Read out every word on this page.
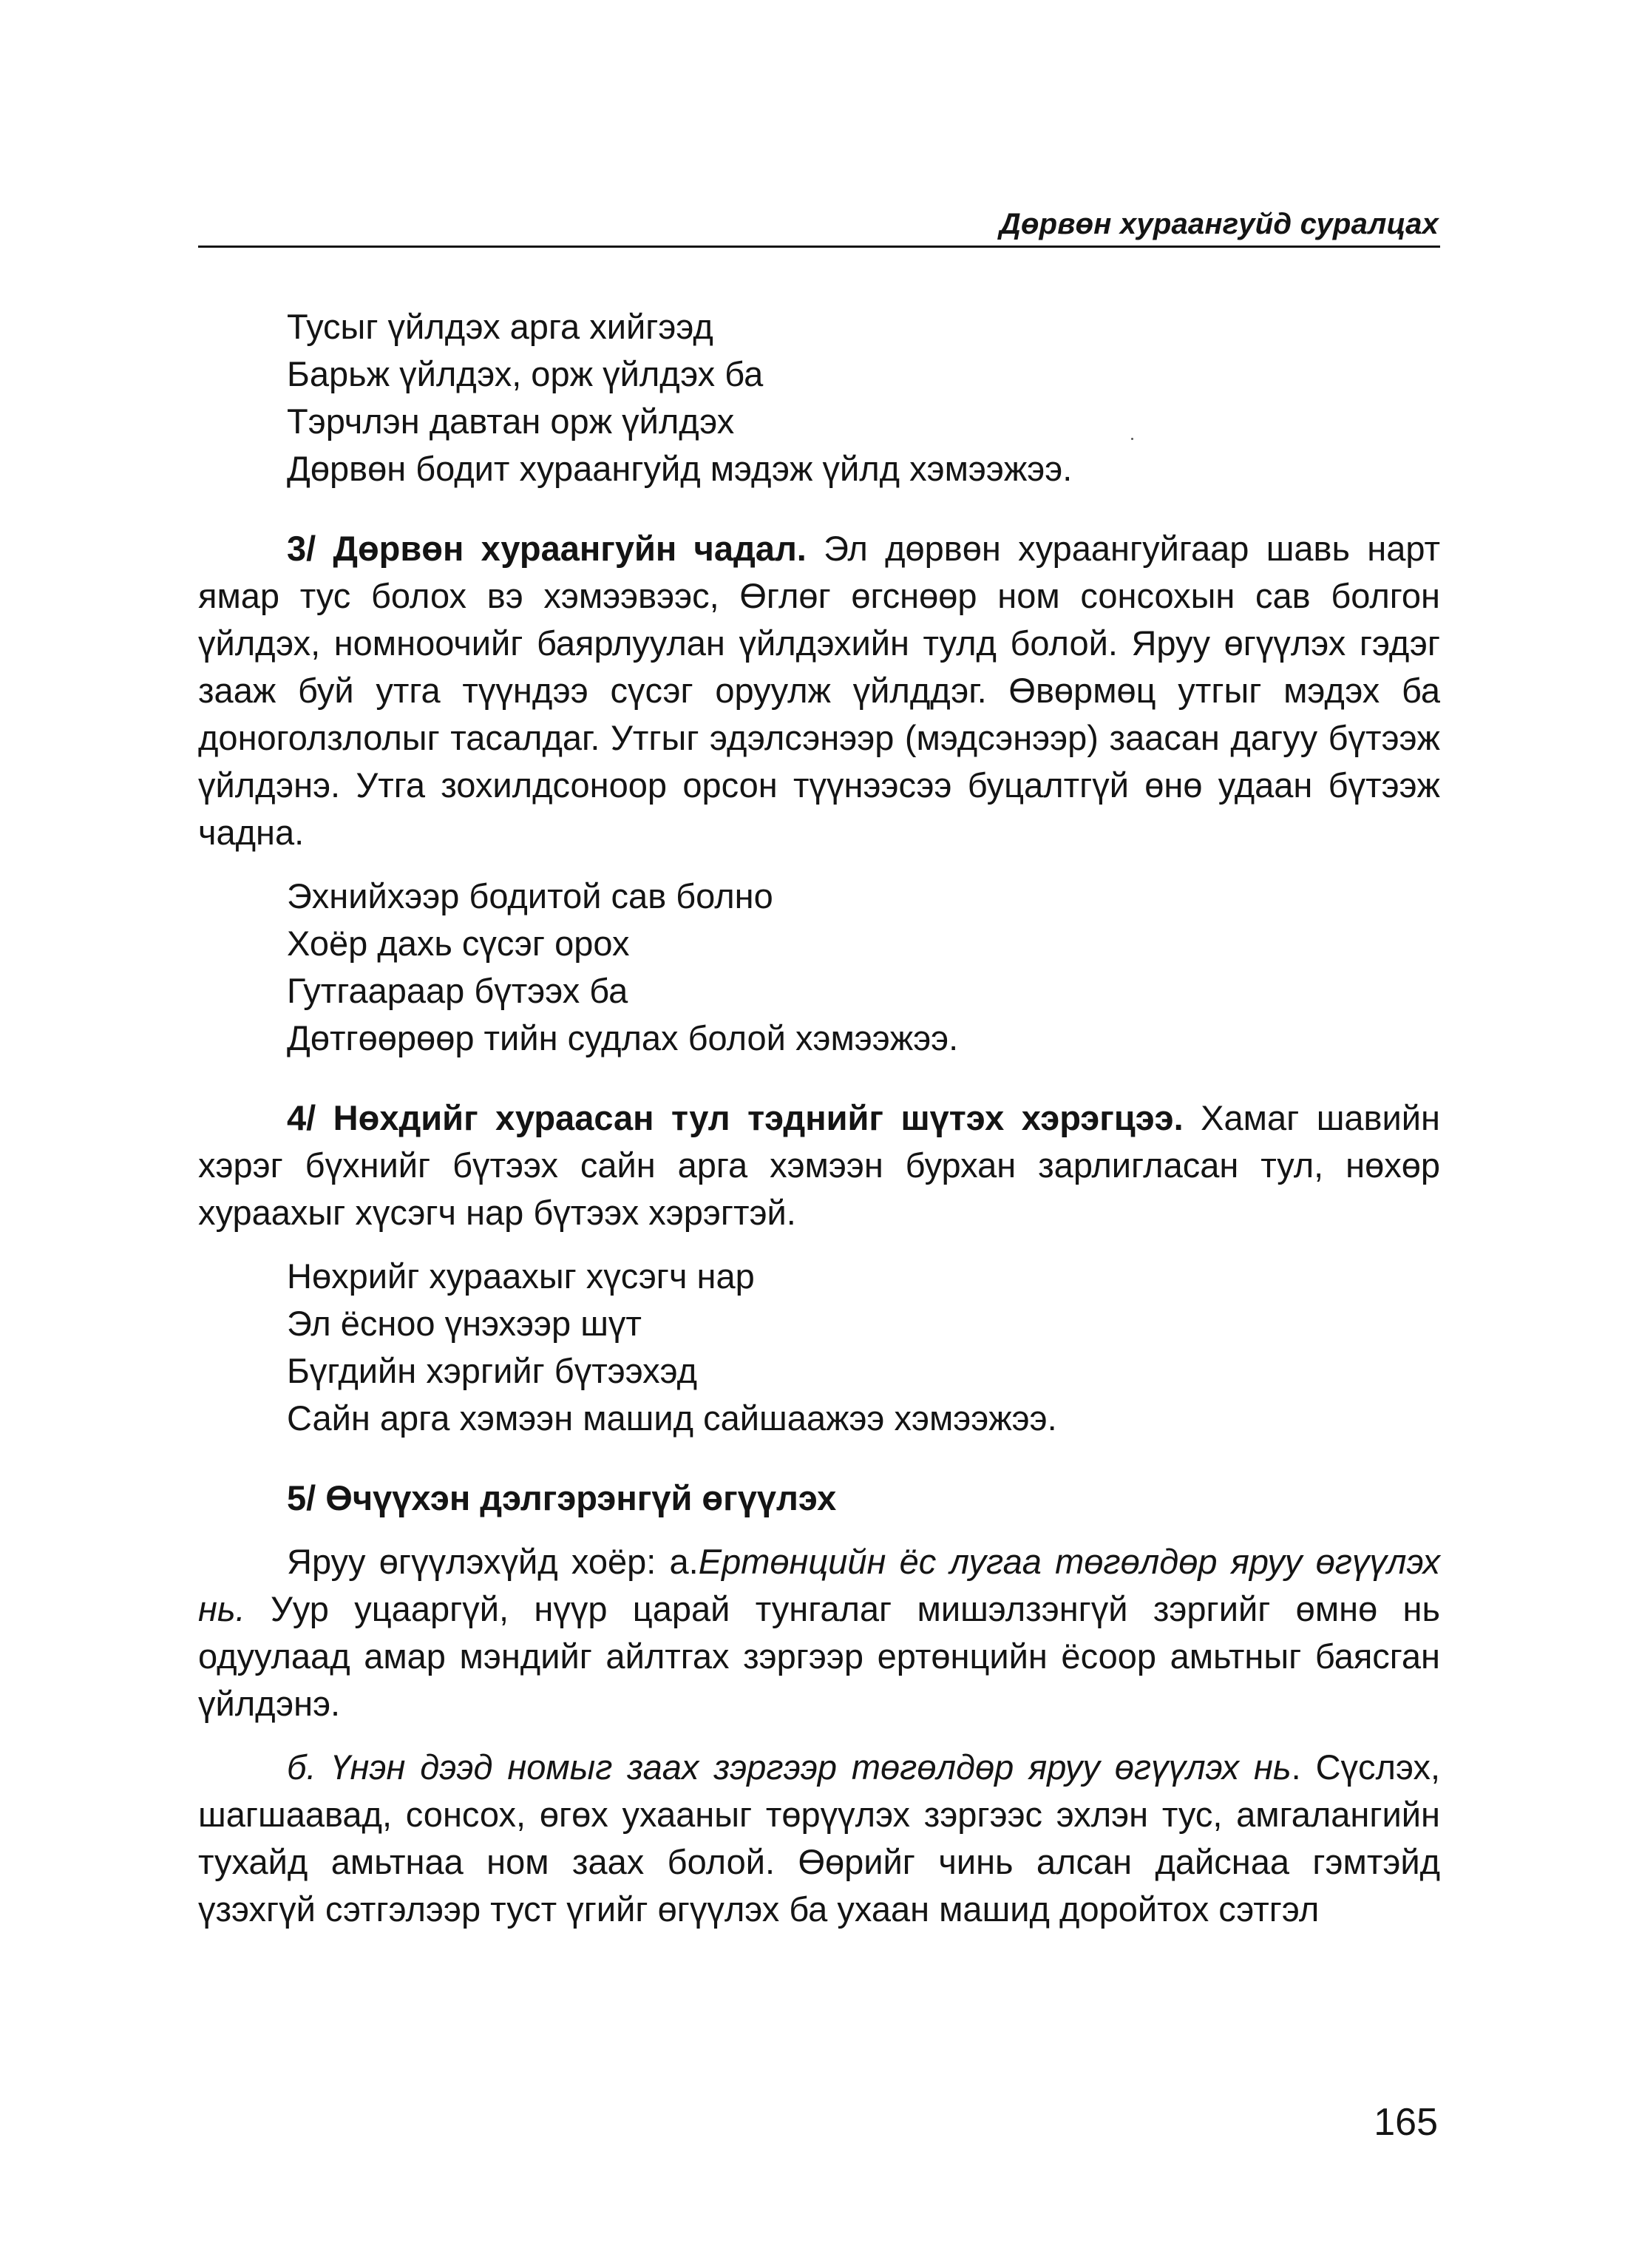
Дөрвөн хураангуйд суралцах
Тусыг үйлдэх арга хийгээд
Барьж үйлдэх, орж үйлдэх ба
Тэрчлэн давтан орж үйлдэх
Дөрвөн бодит хураангуйд мэдэж үйлд хэмээжээ.

3/ Дөрвөн хураангуйн чадал. Эл дөрвөн хураангуйгаар шавь нарт ямар тус болох вэ хэмээвээс, Өглөг өгснөөр ном сонсохын сав болгон үйлдэх, номноочийг баярлуулан үйлдэхийн тулд болой. Яруу өгүүлэх гэдэг зааж буй утга түүндээ сүсэг оруулж үйлддэг. Өвөрмөц утгыг мэдэх ба доноголзлолыг тасалдаг. Утгыг эдэлсэнээр (мэдсэнээр) заасан дагуу бүтээж үйлдэнэ. Утга зохилдсоноор орсон түүнээсээ буцалтгүй өнө удаан бүтээж чадна.

Эхнийхээр бодитой сав болно
Хоёр дахь сүсэг орох
Гутгаараар бүтээх ба
Дөтгөөрөөр тийн судлах болой хэмээжээ.

4/ Нөхдийг хураасан тул тэднийг шүтэх хэрэгцээ. Хамаг шавийн хэрэг бүхнийг бүтээх сайн арга хэмээн бурхан зарлигласан тул, нөхөр хураахыг хүсэгч нар бүтээх хэрэгтэй.

Нөхрийг хураахыг хүсэгч нар
Эл ёсноо үнэхээр шүт
Бүгдийн хэргийг бүтээхэд
Сайн арга хэмээн машид сайшаажээ хэмээжээ.

5/ Өчүүхэн дэлгэрэнгүй өгүүлэх

Яруу өгүүлэхүйд хоёр: а.Ертөнцийн ёс лугаа төгөлдөр яруу өгүүлэх нь. Уур уцааргүй, нүүр царай тунгалаг мишэлзэнгүй зэргийг өмнө нь одуулаад амар мэндийг айлтгах зэргээр ертөнцийн ёсоор амьтныг баясган үйлдэнэ.

б. Үнэн дээд номыг заах зэргээр төгөлдөр яруу өгүүлэх нь. Сүслэх, шагшаавад, сонсох, өгөх ухааныг төрүүлэх зэргээс эхлэн тус, амгалангийн тухайд амьтнаа ном заах болой. Өөрийг чинь алсан дайснаа гэмтэйд үзэхгүй сэтгэлээр туст үгийг өгүүлэх ба ухаан машид доройтох сэтгэл

165
